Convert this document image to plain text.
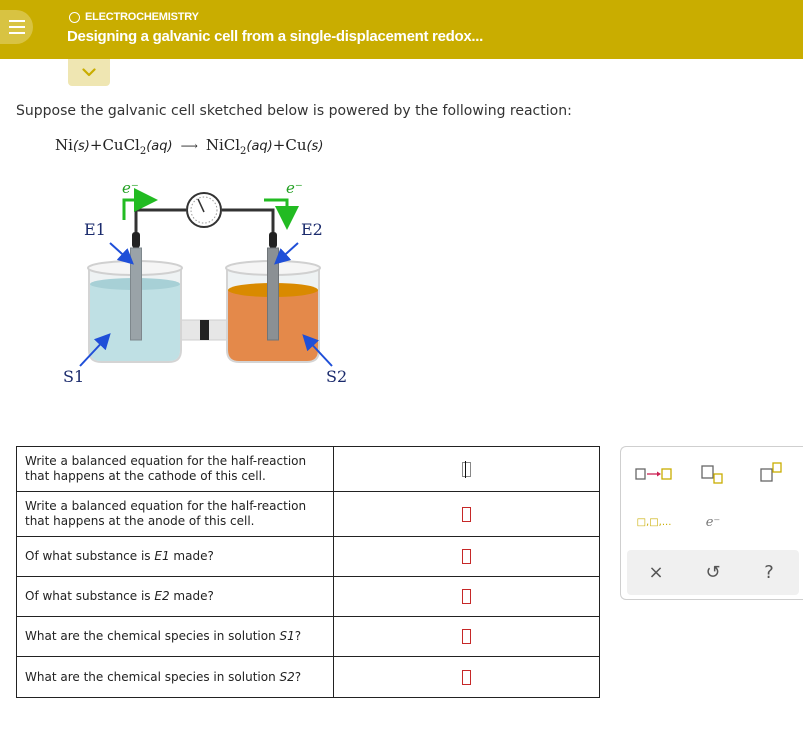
ELECTROCHEMISTRY
Designing a galvanic cell from a single-displacement redox...
Suppose the galvanic cell sketched below is powered by the following reaction:
Ni(s)+CuCl$_2$(aq) ⟶ NiCl$_2$(aq)+Cu(s)
e⁻	e⁻
E1	E2
S1	S2
Write a balanced equation for the half-reaction that happens at the cathode of this cell.	
Write a balanced equation for the half-reaction that happens at the anode of this cell.	
Of what substance is E1 made?	
Of what substance is E2 made?	
What are the chemical species in solution S1?	
What are the chemical species in solution S2?	
□,□,...	e⁻
× ↺ ?
